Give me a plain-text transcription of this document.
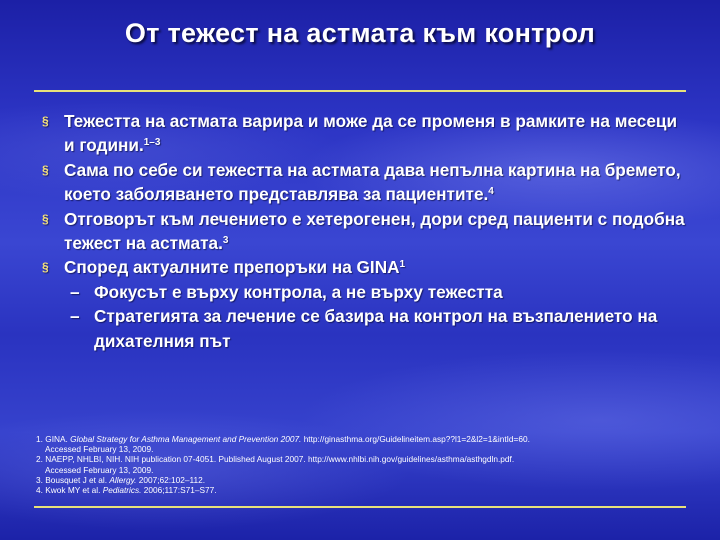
От тежест на астмата към контрол
§ Тежестта на астмата варира и може да се променя в рамките на месеци и години.$^{1-3}$
§ Сама по себе си тежестта на астмата дава непълна картина на бремето, което заболяването представлява за пациентите.$^4$
§ Отговорът към лечението е хетерогенен, дори сред пациенти с подобна тежест на астмата.$^3$
§ Според актуалните препоръки на GINA$^1$
– Фокусът е върху контрола, а не върху тежестта
– Стратегията за лечение се базира на контрол на възпалението на дихателния път
1. GINA. Global Strategy for Asthma Management and Prevention 2007. http://ginasthma.org/Guidelineitem.asp??l1=2&l2=1&intId=60.
Accessed February 13, 2009.
2. NAEPP, NHLBI, NIH. NIH publication 07-4051. Published August 2007. http://www.nhlbi.nih.gov/guidelines/asthma/asthgdln.pdf.
Accessed February 13, 2009.
3. Bousquet J et al. Allergy. 2007;62:102–112.
4. Kwok MY et al. Pediatrics. 2006;117:S71–S77.
